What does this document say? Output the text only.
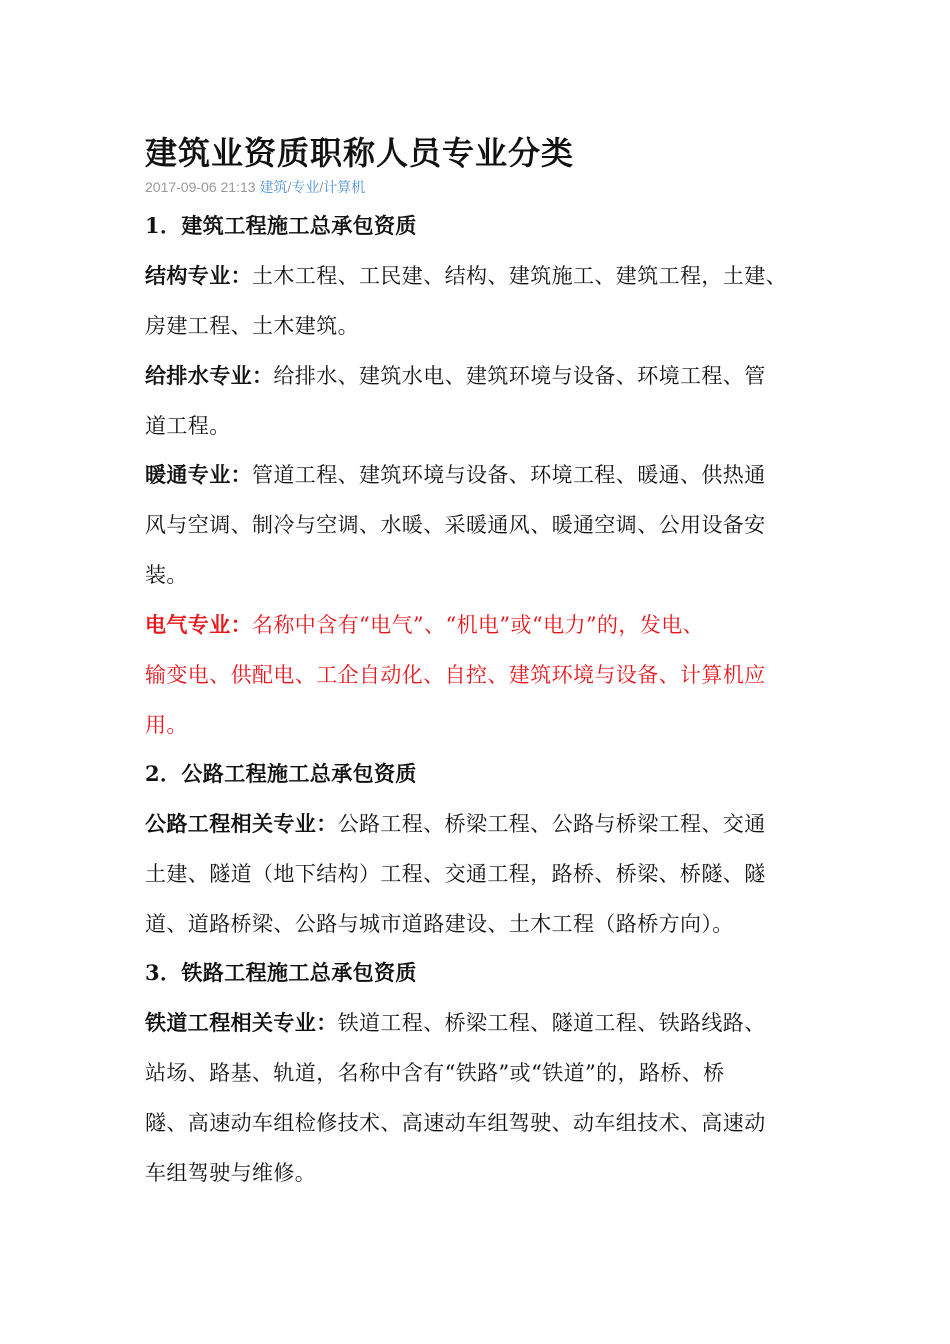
建筑业资质职称人员专业分类
2017-09-06 21:13 建筑/专业/计算机
1．建筑工程施工总承包资质
结构专业：土木工程、工民建、结构、建筑施工、建筑工程，土建、
房建工程、土木建筑。
给排水专业：给排水、建筑水电、建筑环境与设备、环境工程、管
道工程。
暖通专业：管道工程、建筑环境与设备、环境工程、暖通、供热通
风与空调、制冷与空调、水暖、采暖通风、暖通空调、公用设备安
装。
电气专业：名称中含有“电气”、“机电”或“电力”的，发电、
输变电、供配电、工企自动化、自控、建筑环境与设备、计算机应
用。
2．公路工程施工总承包资质
公路工程相关专业：公路工程、桥梁工程、公路与桥梁工程、交通
土建、隧道（地下结构）工程、交通工程，路桥、桥梁、桥隧、隧
道、道路桥梁、公路与城市道路建设、土木工程（路桥方向）。
3．铁路工程施工总承包资质
铁道工程相关专业：铁道工程、桥梁工程、隧道工程、铁路线路、
站场、路基、轨道，名称中含有“铁路”或“铁道”的，路桥、桥
隧、高速动车组检修技术、高速动车组驾驶、动车组技术、高速动
车组驾驶与维修。
